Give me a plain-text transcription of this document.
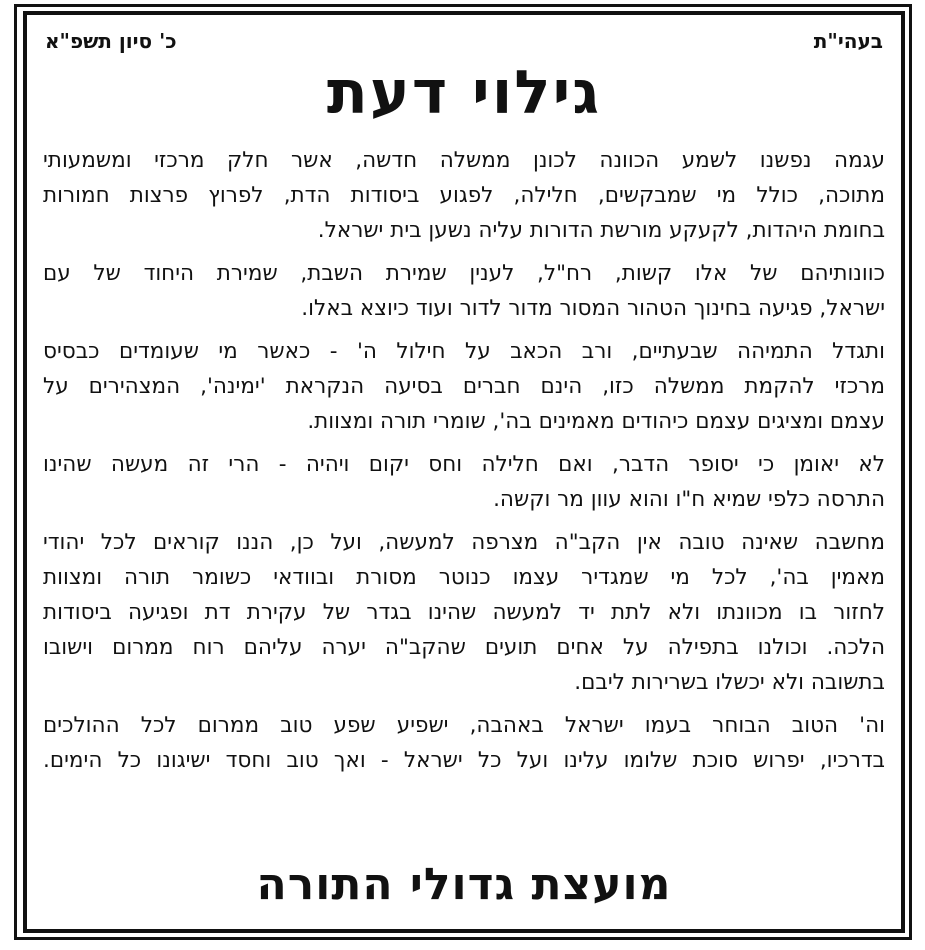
בעהי"ת
כ' סיון תשפ"א
גילוי דעת

עגמה נפשנו לשמע הכוונה לכונן ממשלה חדשה, אשר חלק מרכזי ומשמעותי
מתוכה, כולל מי שמבקשים, חלילה, לפגוע ביסודות הדת, לפרוץ פרצות חמורות
בחומת היהדות, לקעקע מורשת הדורות עליה נשען בית ישראל.

כוונותיהם של אלו קשות, רח"ל, לענין שמירת השבת, שמירת היחוד של עם
ישראל, פגיעה בחינוך הטהור המסור מדור לדור ועוד כיוצא באלו.

ותגדל התמיהה שבעתיים, ורב הכאב על חילול ה' - כאשר מי שעומדים כבסיס
מרכזי להקמת ממשלה כזו, הינם חברים בסיעה הנקראת 'ימינה', המצהירים על
עצמם ומציגים עצמם כיהודים מאמינים בה', שומרי תורה ומצוות.

לא יאומן כי יסופר הדבר, ואם חלילה וחס יקום ויהיה - הרי זה מעשה שהינו
התרסה כלפי שמיא ח"ו והוא עוון מר וקשה.

מחשבה שאינה טובה אין הקב"ה מצרפה למעשה, ועל כן, הננו קוראים לכל יהודי
מאמין בה', לכל מי שמגדיר עצמו כנוטר מסורת ובוודאי כשומר תורה ומצוות
לחזור בו מכוונתו ולא לתת יד למעשה שהינו בגדר של עקירת דת ופגיעה ביסודות
הלכה. וכולנו בתפילה על אחים תועים שהקב"ה יערה עליהם רוח ממרום וישובו
בתשובה ולא יכשלו בשרירות ליבם.

וה' הטוב הבוחר בעמו ישראל באהבה, ישפיע שפע טוב ממרום לכל ההולכים
בדרכיו, יפרוש סוכת שלומו עלינו ועל כל ישראל - ואך טוב וחסד ישיגונו כל הימים.

מועצת גדולי התורה
